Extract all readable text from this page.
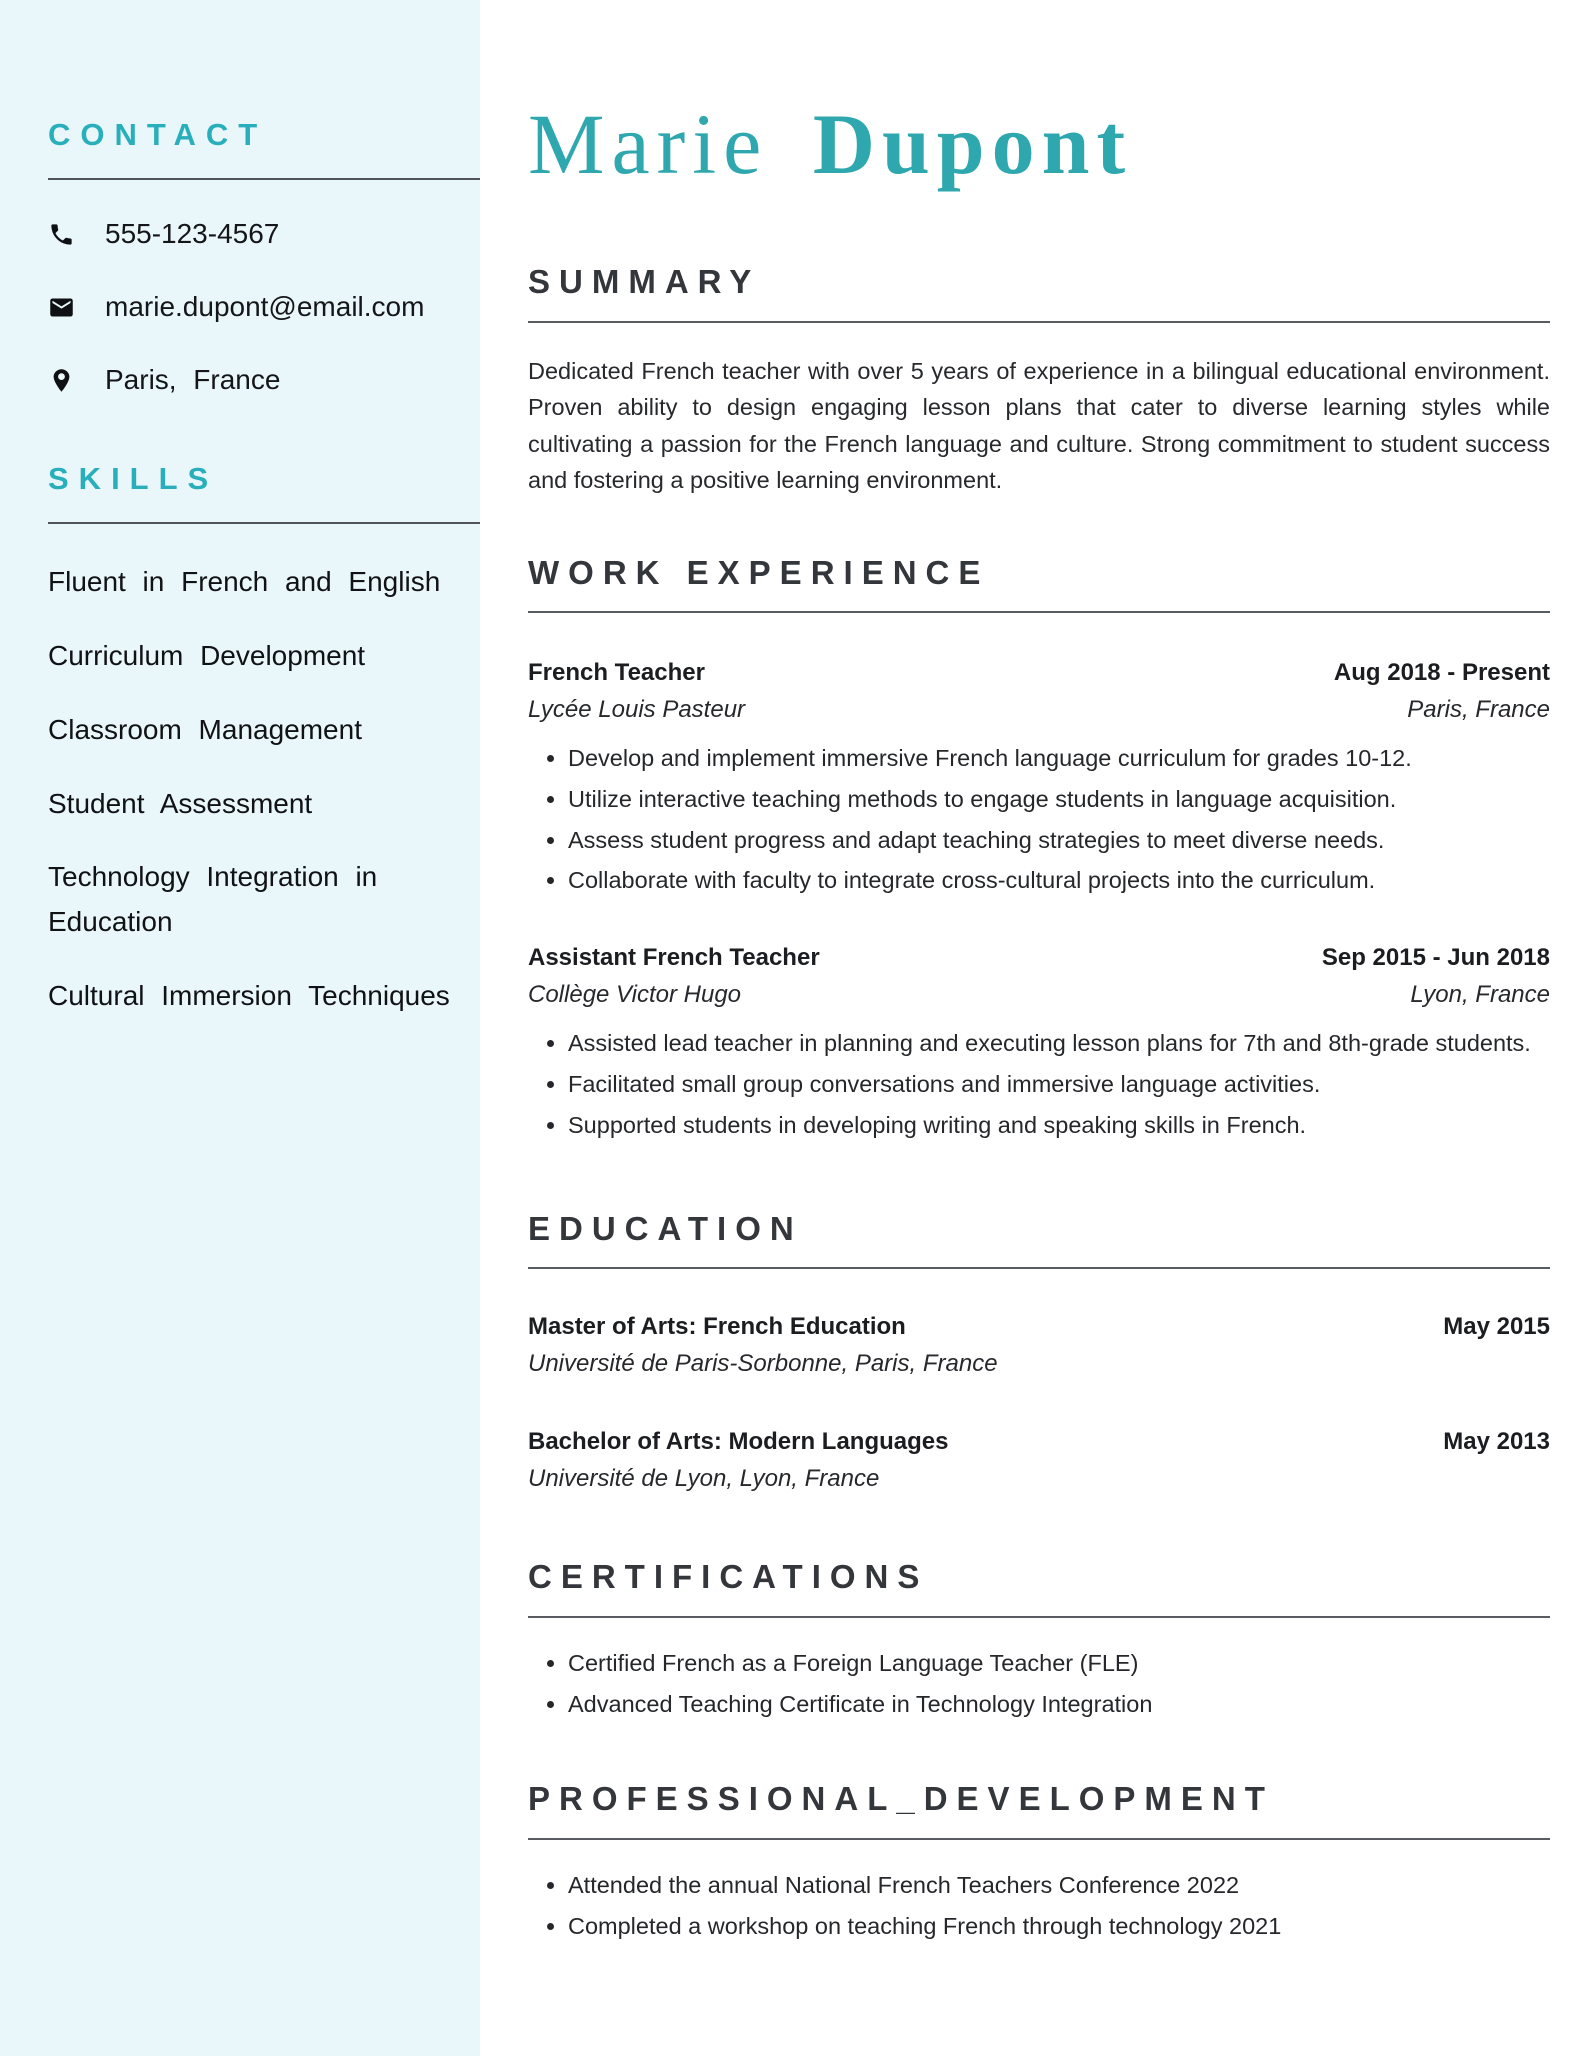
CONTACT
555-123-4567
marie.dupont@email.com
Paris, France
SKILLS
Fluent in French and English
Curriculum Development
Classroom Management
Student Assessment
Technology Integration in Education
Cultural Immersion Techniques
Marie Dupont
SUMMARY

Dedicated French teacher with over 5 years of experience in a bilingual educational environment. Proven ability to design engaging lesson plans that cater to diverse learning styles while cultivating a passion for the French language and culture. Strong commitment to student success and fostering a positive learning environment.

WORK EXPERIENCE
French Teacher	Aug 2018 - Present
Lycée Louis Pasteur	Paris, France
• Develop and implement immersive French language curriculum for grades 10-12.
• Utilize interactive teaching methods to engage students in language acquisition.
• Assess student progress and adapt teaching strategies to meet diverse needs.
• Collaborate with faculty to integrate cross-cultural projects into the curriculum.
Assistant French Teacher	Sep 2015 - Jun 2018
Collège Victor Hugo	Lyon, France
• Assisted lead teacher in planning and executing lesson plans for 7th and 8th-grade students.
• Facilitated small group conversations and immersive language activities.
• Supported students in developing writing and speaking skills in French.
EDUCATION
Master of Arts: French Education	May 2015
Université de Paris-Sorbonne, Paris, France
Bachelor of Arts: Modern Languages	May 2013
Université de Lyon, Lyon, France
CERTIFICATIONS
• Certified French as a Foreign Language Teacher (FLE)
• Advanced Teaching Certificate in Technology Integration
PROFESSIONAL_DEVELOPMENT
• Attended the annual National French Teachers Conference 2022
• Completed a workshop on teaching French through technology 2021
